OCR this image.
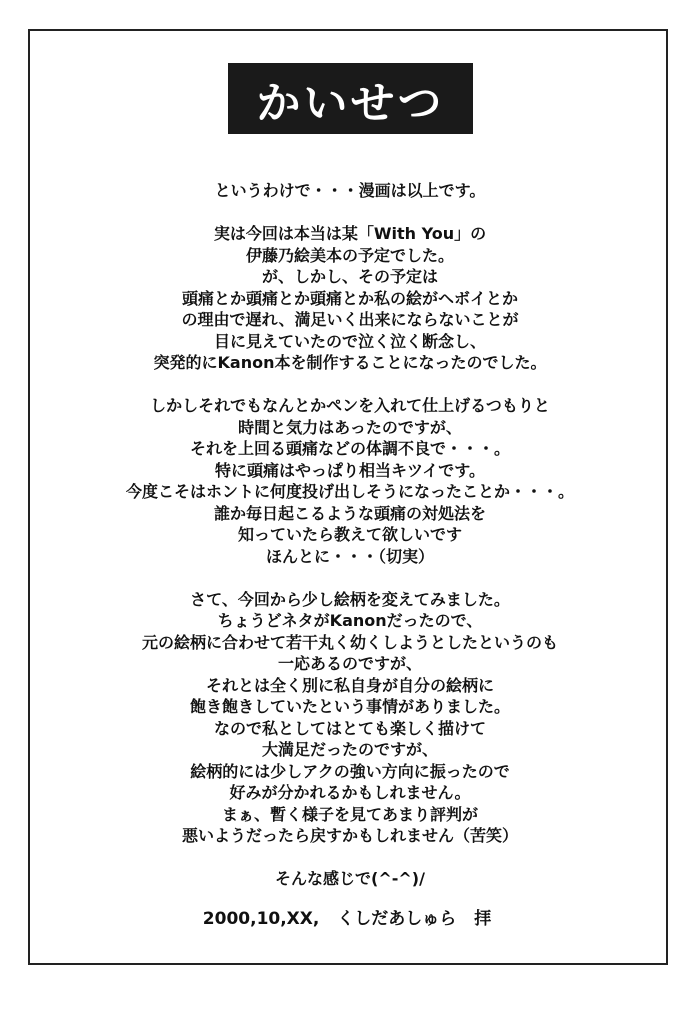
かいせつ
というわけで・・・漫画は以上です。
実は今回は本当は某「With You」の
伊藤乃絵美本の予定でした。
が、しかし、その予定は
頭痛とか頭痛とか頭痛とか私の絵がヘボイとか
の理由で遅れ、満足いく出来にならないことが
目に見えていたので泣く泣く断念し、
突発的にKanon本を制作することになったのでした。
しかしそれでもなんとかペンを入れて仕上げるつもりと
時間と気力はあったのですが、
それを上回る頭痛などの体調不良で・・・。
特に頭痛はやっぱり相当キツイです。
今度こそはホントに何度投げ出しそうになったことか・・・。
誰か毎日起こるような頭痛の対処法を
知っていたら教えて欲しいです
ほんとに・・・（切実）
さて、今回から少し絵柄を変えてみました。
ちょうどネタがKanonだったので、
元の絵柄に合わせて若干丸く幼くしようとしたというのも
一応あるのですが、
それとは全く別に私自身が自分の絵柄に
飽き飽きしていたという事情がありました。
なので私としてはとても楽しく描けて
大満足だったのですが、
絵柄的には少しアクの強い方向に振ったので
好みが分かれるかもしれません。
まぁ、暫く様子を見てあまり評判が
悪いようだったら戻すかもしれません（苦笑）
そんな感じで(^-^)/
2000,10,XX, くしだあしゅら 拝
